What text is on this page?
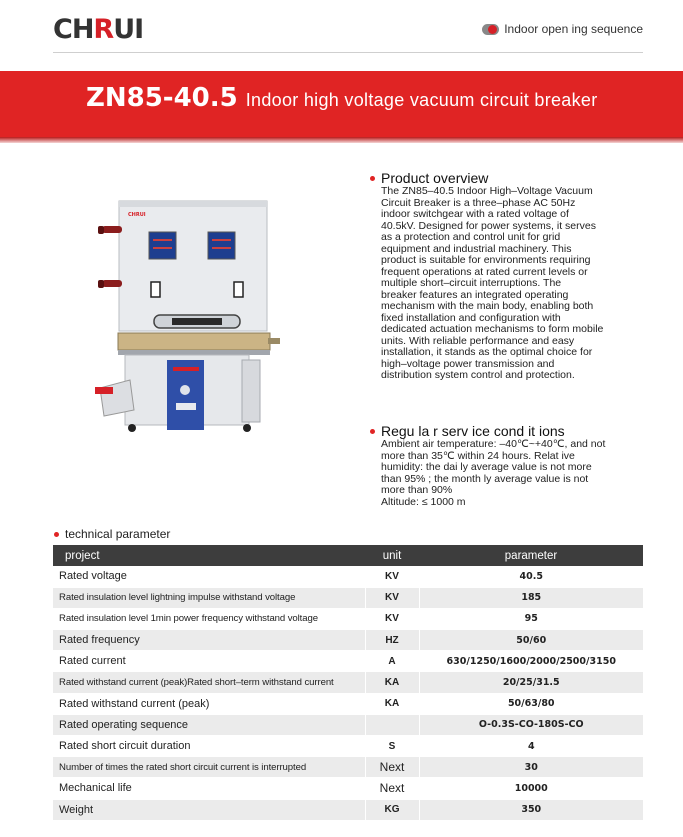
CHRUI	Indoor open ing sequence
ZN85-40.5 Indoor high voltage vacuum circuit breaker
CHRUI
Product overview
The ZN85–40.5 Indoor High–Voltage Vacuum
Circuit Breaker is a three–phase AC 50Hz
indoor switchgear with a rated voltage of
40.5kV. Designed for power systems, it serves
as a protection and control unit for grid
equipment and industrial machinery. This
product is suitable for environments requiring
frequent operations at rated current levels or
multiple short–circuit interruptions. The
breaker features an integrated operating
mechanism with the main body, enabling both
fixed installation and configuration with
dedicated actuation mechanisms to form mobile
units. With reliable performance and easy
installation, it stands as the optimal choice for
high–voltage power transmission and
distribution system control and protection.
Regu la r serv ice cond it ions
Ambient air temperature: –40℃~+40℃, and not
more than 35℃ within 24 hours. Relat ive
humidity: the dai ly average value is not more
than 95% ; the month ly average value is not
more than 90%
Altitude: ≤ 1000 m
technical parameter
project	unit	parameter
Rated voltage	KV	40.5
Rated insulation level lightning impulse withstand voltage	KV	185
Rated insulation level 1min power frequency withstand voltage	KV	95
Rated frequency	HZ	50/60
Rated current	A	630/1250/1600/2000/2500/3150
Rated withstand current (peak)Rated short–term withstand current	KA	20/25/31.5
Rated withstand current (peak)	KA	50/63/80
Rated operating sequence		O-0.3S-CO-180S-CO
Rated short circuit duration	S	4
Number of times the rated short circuit current is interrupted	Next	30
Mechanical life	Next	10000
Weight	KG	350
